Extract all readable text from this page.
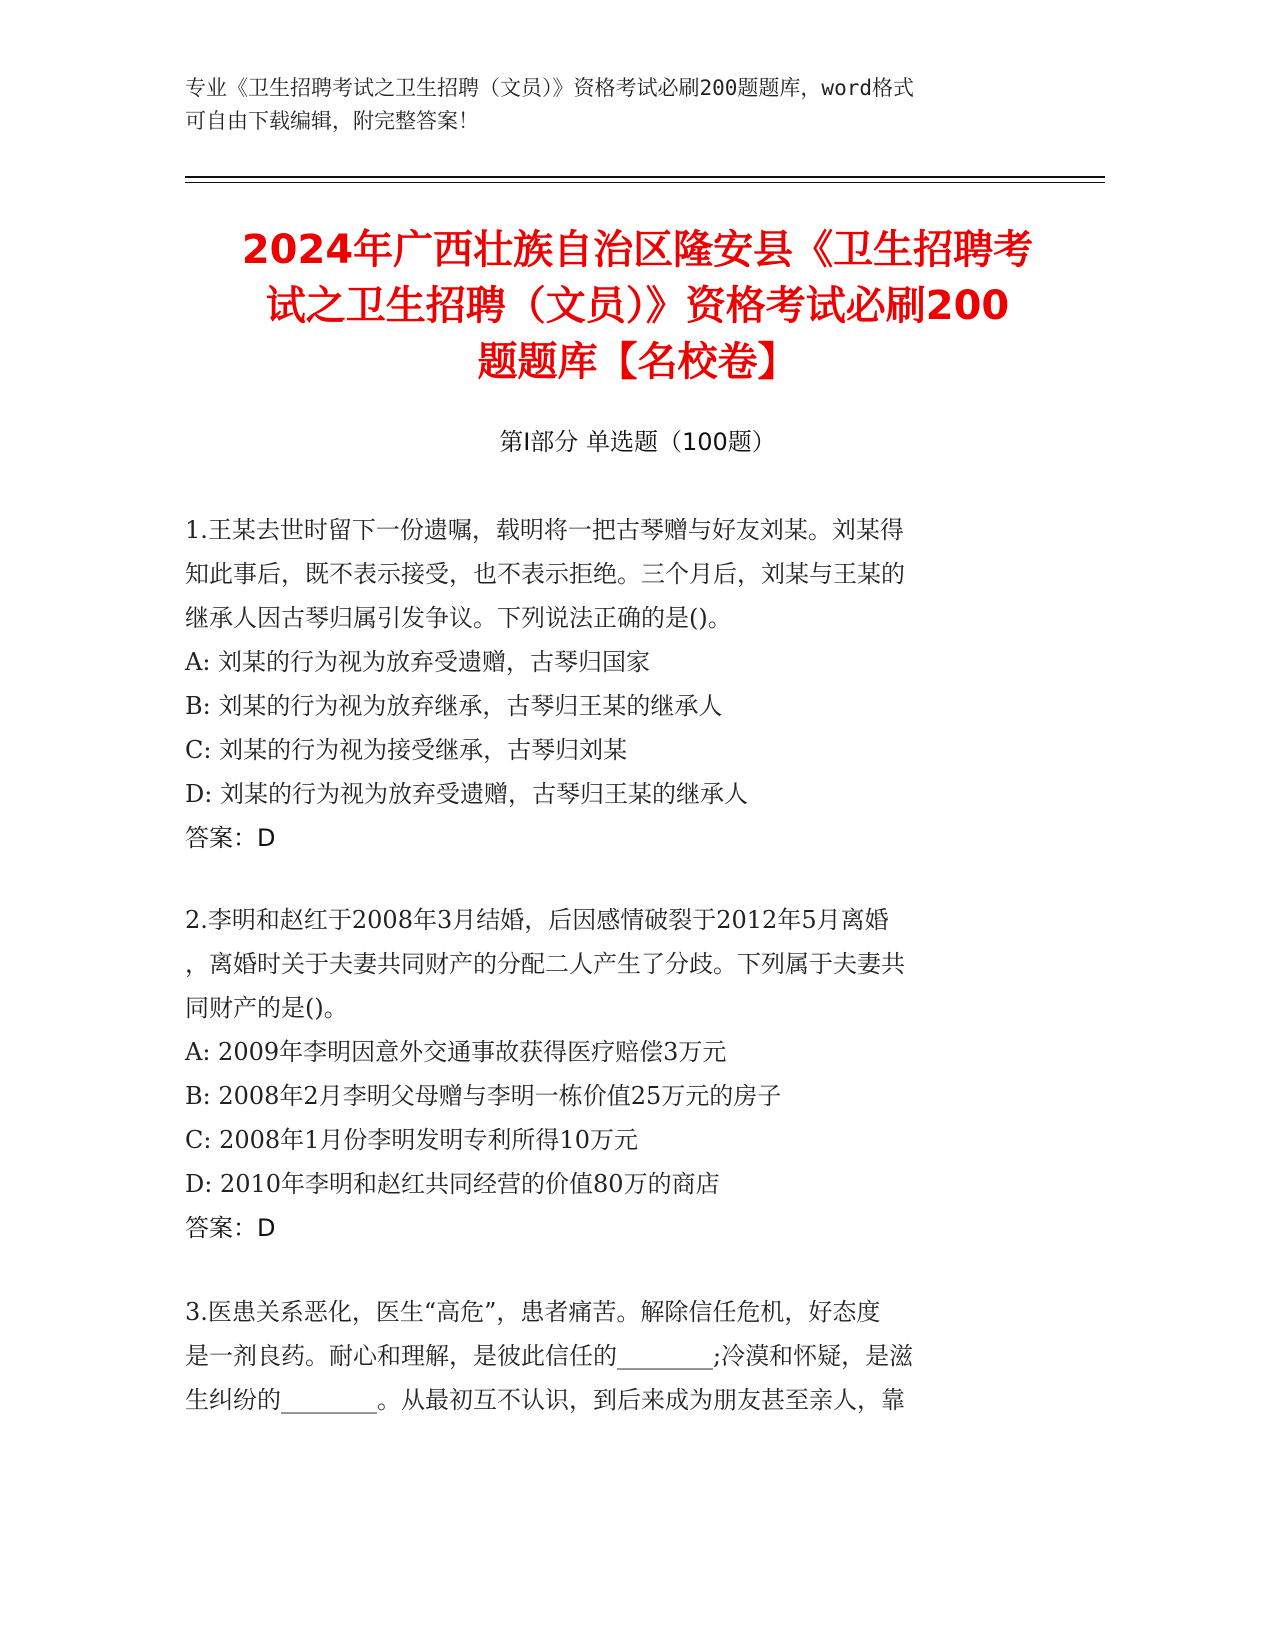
专业《卫生招聘考试之卫生招聘（文员）》资格考试必刷200题题库，word格式
可自由下载编辑，附完整答案！
2024年广西壮族自治区隆安县《卫生招聘考
试之卫生招聘（文员）》资格考试必刷200
题题库【名校卷】
第Ⅰ部分 单选题（100题）
1.王某去世时留下一份遗嘱，载明将一把古琴赠与好友刘某。刘某得
知此事后，既不表示接受，也不表示拒绝。三个月后，刘某与王某的
继承人因古琴归属引发争议。下列说法正确的是()。
A: 刘某的行为视为放弃受遗赠，古琴归国家
B: 刘某的行为视为放弃继承，古琴归王某的继承人
C: 刘某的行为视为接受继承，古琴归刘某
D: 刘某的行为视为放弃受遗赠，古琴归王某的继承人
答案：D
2.李明和赵红于2008年3月结婚，后因感情破裂于2012年5月离婚
，离婚时关于夫妻共同财产的分配二人产生了分歧。下列属于夫妻共
同财产的是()。
A: 2009年李明因意外交通事故获得医疗赔偿3万元
B: 2008年2月李明父母赠与李明一栋价值25万元的房子
C: 2008年1月份李明发明专利所得10万元
D: 2010年李明和赵红共同经营的价值80万的商店
答案：D
3.医患关系恶化，医生“高危”，患者痛苦。解除信任危机，好态度
是一剂良药。耐心和理解，是彼此信任的________;冷漠和怀疑，是滋
生纠纷的________。从最初互不认识，到后来成为朋友甚至亲人，靠
